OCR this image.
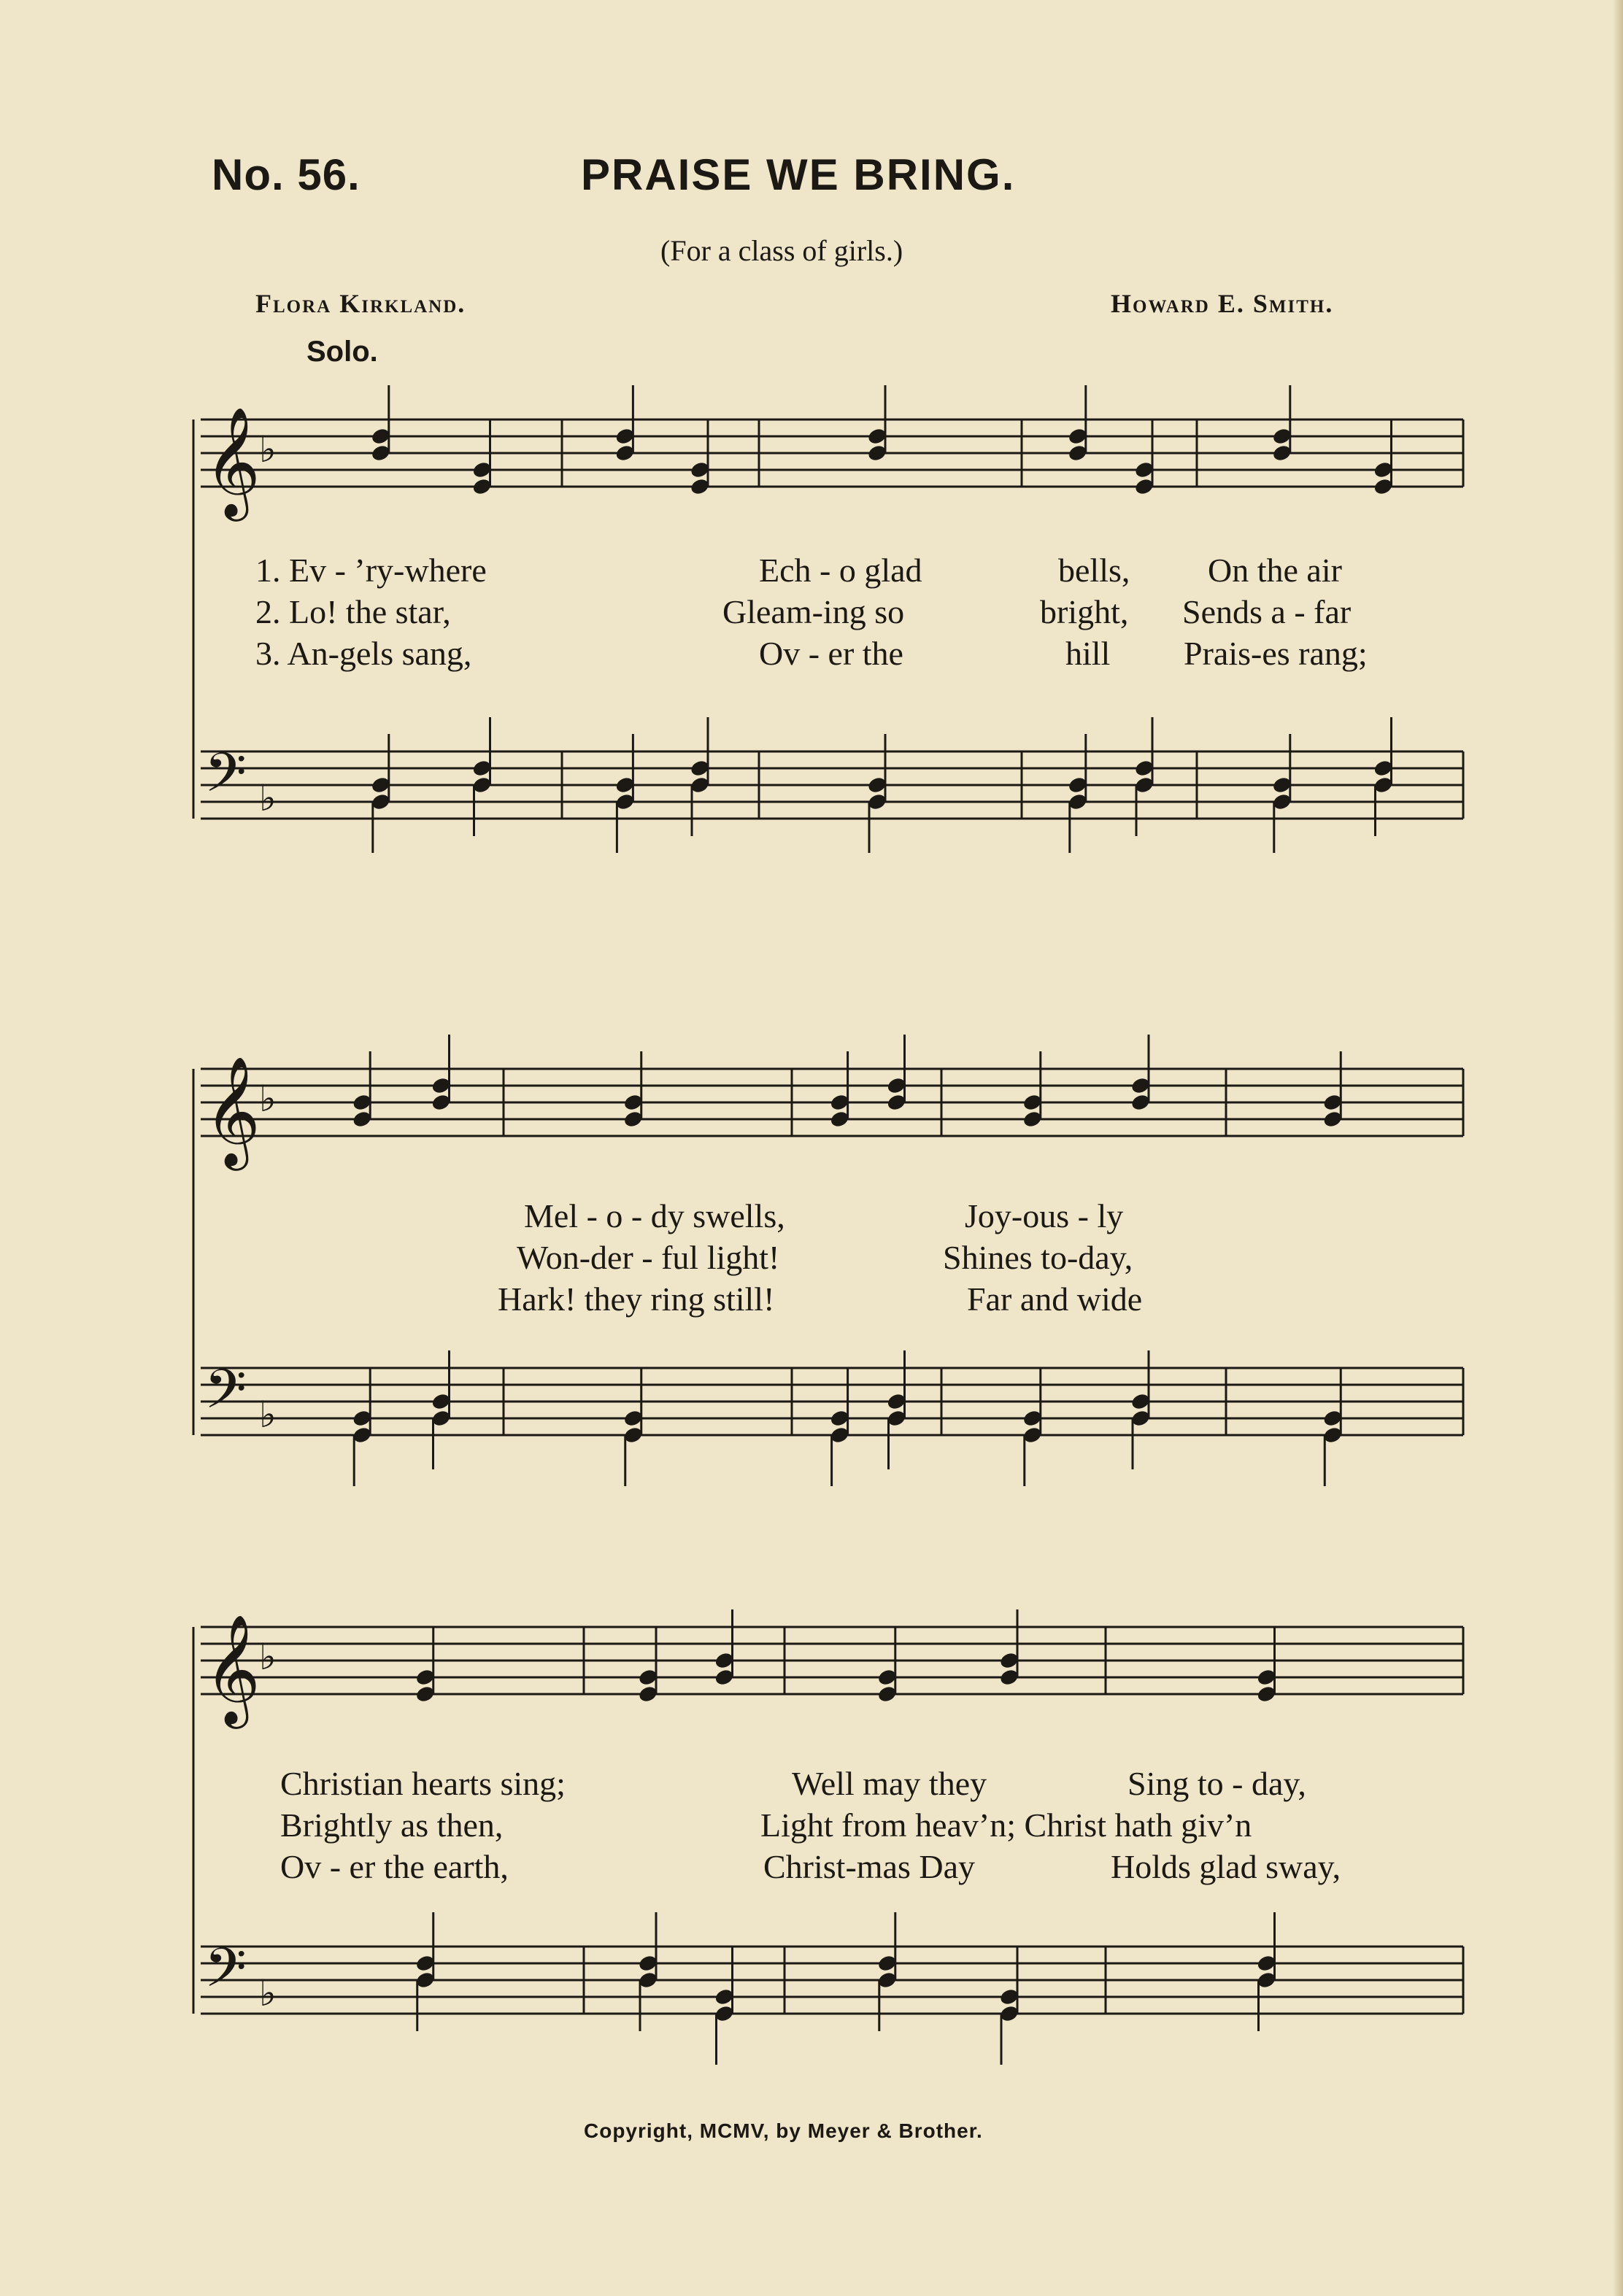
No. 56.	PRAISE WE BRING.
(For a class of girls.)
Flora Kirkland.	Howard E. Smith.
Solo.
𝄞
♭
𝄢 ♭
𝄞
♭
𝄢 ♭
𝄞
♭
𝄢 ♭
1. Ev - ’ry-where	Ech - o glad	bells, On the air
2. Lo! the star,	Gleam-ing so	bright, Sends a - far
3. An-gels sang,	Ov - er the	hill Prais-es rang;
Mel - o - dy swells,	Joy-ous - ly
Won-der - ful light!	Shines to-day,
Hark! they ring still!	Far and wide
Christian hearts sing;	Well may they	Sing to - day,
Brightly as then,	Light from heav’n; Christ hath giv’n
Ov - er the earth,	Christ-mas Day	Holds glad sway,
Copyright, MCMV, by Meyer & Brother.
